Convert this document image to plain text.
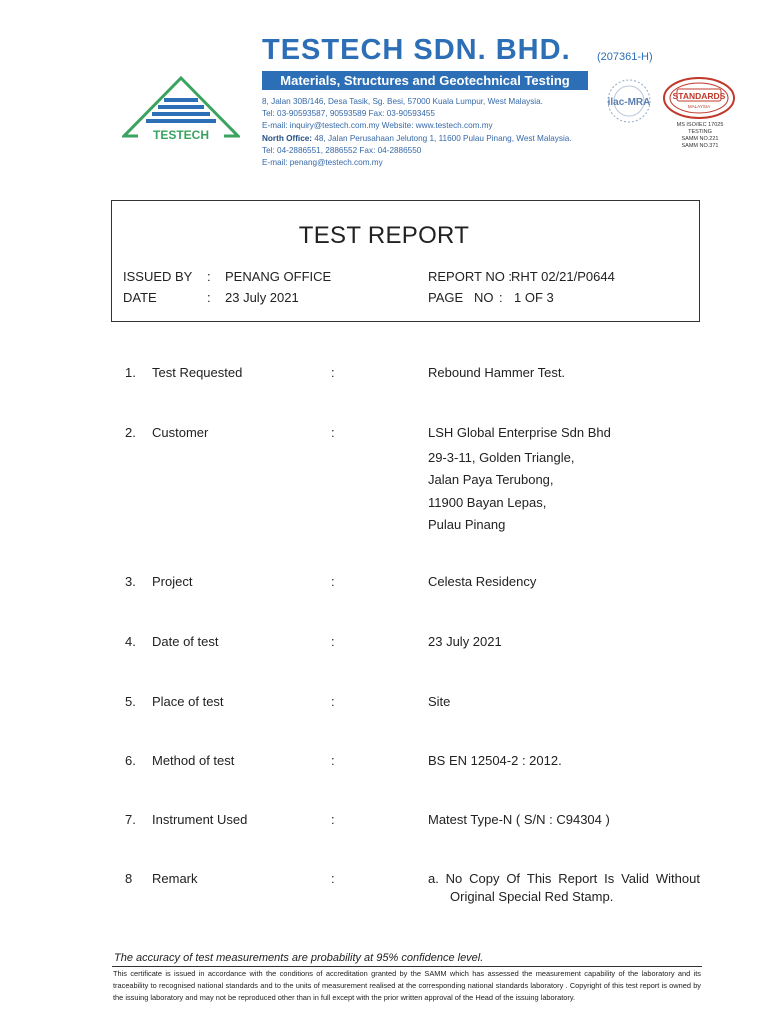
TESTECH
TESTECH SDN. BHD. (207361-H)
Materials, Structures and Geotechnical Testing
8, Jalan 30B/146, Desa Tasik, Sg. Besi, 57000 Kuala Lumpur, West Malaysia.
Tel: 03-90593587, 90593589 Fax: 03-90593455
E-mail: inquiry@testech.com.my Website: www.testech.com.my
North Office: 48, Jalan Perusahaan Jelutong 1, 11600 Pulau Pinang, West Malaysia.
Tel: 04-2886551, 2886552 Fax: 04-2886550
E-mail: penang@testech.com.my
ilac-MRA
STANDARDS
MALAYSIA
MS ISO/IEC 17025
TESTING
SAMM NO.221
SAMM NO.371
TEST REPORT
ISSUED BY : PENANG OFFICE
DATE	: 23 July 2021
REPORT NO :
RHT 02/21/P0644
PAGE   NO : 1 OF 3
1. Test Requested	:	Rebound Hammer Test.
2. Customer	:	LSH Global Enterprise Sdn Bhd
29-3-11, Golden Triangle,
Jalan Paya Terubong,
11900 Bayan Lepas,
Pulau Pinang
3. Project	:	Celesta Residency
4. Date of test	:	23 July 2021
5. Place of test	:	Site
6. Method of test	:	BS EN 12504-2 : 2012.
7. Instrument Used	:	Matest Type-N ( S/N : C94304 )
8 Remark	:	a. No Copy Of This Report Is Valid Without
Original Special Red Stamp.
The accuracy of test measurements are probability at 95% confidence level.
This certificate is issued in accordance with the conditions of accreditation granted by the SAMM which has assessed the measurement capability of the laboratory and its traceability to recognised national standards and to the units of measurement realised at the corresponding national standards laboratory . Copyright of this test report is owned by the issuing laboratory and may not be reproduced other than in full except with the prior written approval of the Head of the issuing laboratory.
